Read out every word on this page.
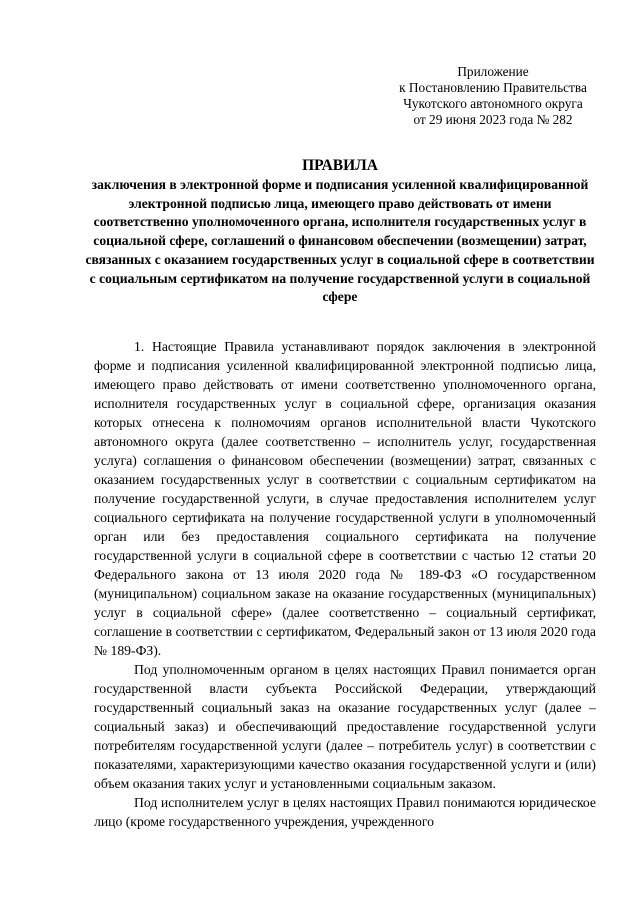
Приложение
к Постановлению Правительства
Чукотского автономного округа
от 29 июня 2023 года № 282
ПРАВИЛА
заключения в электронной форме и подписания усиленной квалифицированной электронной подписью лица, имеющего право действовать от имени соответственно уполномоченного органа, исполнителя государственных услуг в социальной сфере, соглашений о финансовом обеспечении (возмещении) затрат, связанных с оказанием государственных услуг в социальной сфере в соответствии с социальным сертификатом на получение государственной услуги в социальной сфере

1. Настоящие Правила устанавливают порядок заключения в электронной форме и подписания усиленной квалифицированной электронной подписью лица, имеющего право действовать от имени соответственно уполномоченного органа, исполнителя государственных услуг в социальной сфере, организация оказания которых отнесена к полномочиям органов исполнительной власти Чукотского автономного округа (далее соответственно – исполнитель услуг, государственная услуга) соглашения о финансовом обеспечении (возмещении) затрат, связанных с оказанием государственных услуг в соответствии с социальным сертификатом на получение государственной услуги, в случае предоставления исполнителем услуг социального сертификата на получение государственной услуги в уполномоченный орган или без предоставления социального сертификата на получение государственной услуги в социальной сфере в соответствии с частью 12 статьи 20 Федерального закона от 13 июля 2020 года № 189-ФЗ «О государственном (муниципальном) социальном заказе на оказание государственных (муниципальных) услуг в социальной сфере» (далее соответственно – социальный сертификат, соглашение в соответствии с сертификатом, Федеральный закон от 13 июля 2020 года № 189-ФЗ).

Под уполномоченным органом в целях настоящих Правил понимается орган государственной власти субъекта Российской Федерации, утверждающий государственный социальный заказ на оказание государственных услуг (далее – социальный заказ) и обеспечивающий предоставление государственной услуги потребителям государственной услуги (далее – потребитель услуг) в соответствии с показателями, характеризующими качество оказания государственной услуги и (или) объем оказания таких услуг и установленными социальным заказом.

Под исполнителем услуг в целях настоящих Правил понимаются юридическое лицо (кроме государственного учреждения, учрежденного
